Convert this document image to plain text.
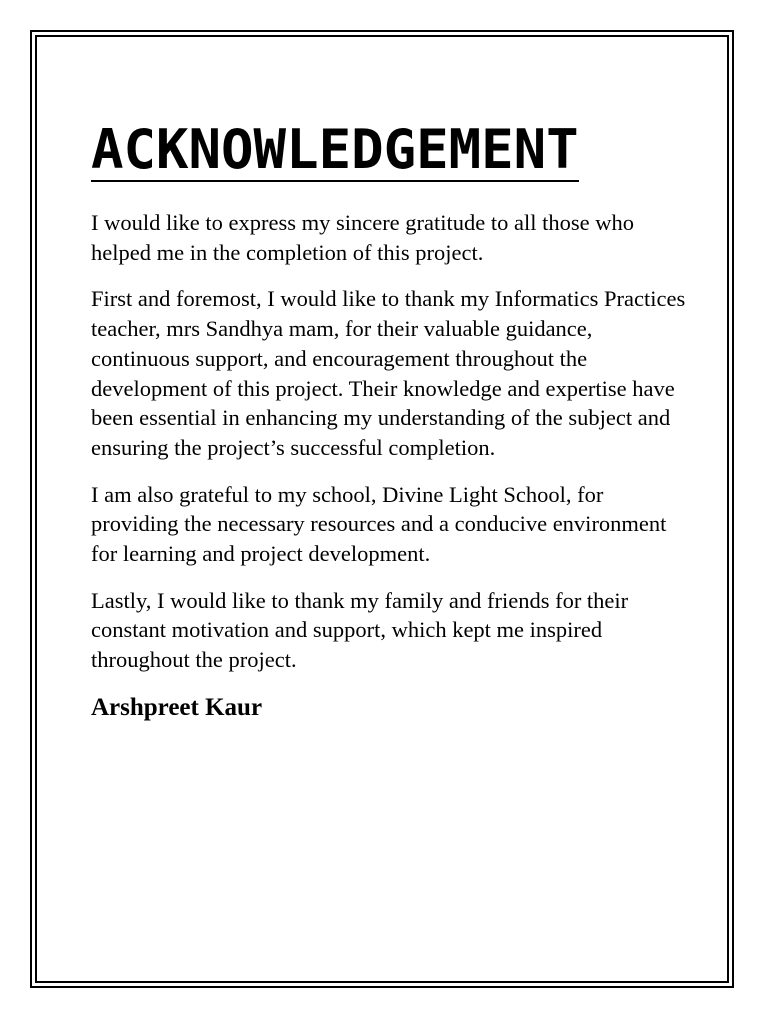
ACKNOWLEDGEMENT

I would like to express my sincere gratitude to all those who helped me in the completion of this project.

First and foremost, I would like to thank my Informatics Practices teacher, mrs Sandhya mam, for their valuable guidance, continuous support, and encouragement throughout the development of this project. Their knowledge and expertise have been essential in enhancing my understanding of the subject and ensuring the project’s successful completion.

I am also grateful to my school, Divine Light School, for providing the necessary resources and a conducive environment for learning and project development.

Lastly, I would like to thank my family and friends for their constant motivation and support, which kept me inspired throughout the project.

Arshpreet Kaur
